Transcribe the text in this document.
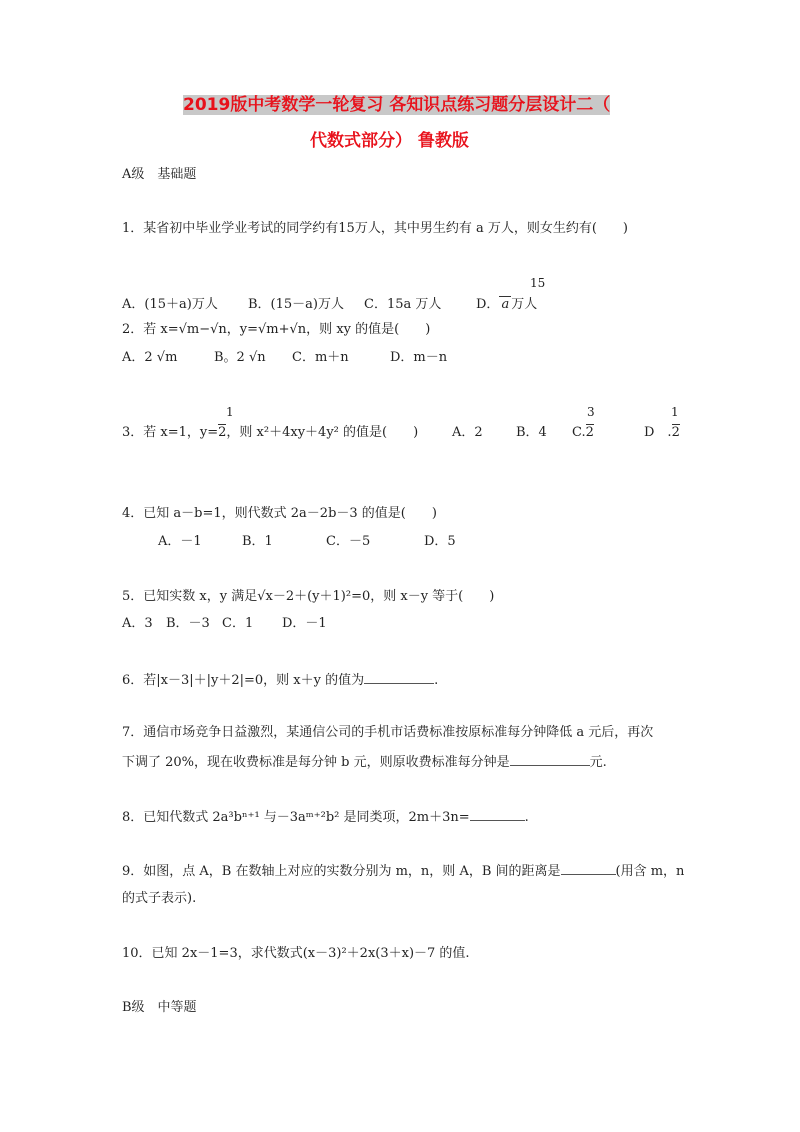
2019版中考数学一轮复习 各知识点练习题分层设计二（
代数式部分） 鲁教版
A级　基础题
1．某省初中毕业学业考试的同学约有15万人，其中男生约有 a 万人，则女生约有(　　)
15
A．(15＋a)万人 B．(15－a)万人 C．15a 万人	D． a 万人
2．若 x=√m−√n，y=√m+√n，则 xy 的值是(　　)
A．2 √m	B。2 √n C．m＋n	D．m－n
1	3	1
3．若 x=1，y=2，则 x²＋4xy＋4y² 的值是(　　)	A．2	B．4 C.2	D　.2
4．已知 a－b=1，则代数式 2a－2b－3 的值是(　　)
A．－1	B．1	C．－5	D．5
5．已知实数 x，y 满足√x－2＋(y＋1)²=0，则 x－y 等于(　　)
A．3 B．－3 C．1 D．－1
6．若|x－3|＋|y＋2|=0，则 x＋y 的值为	.
7．通信市场竞争日益激烈，某通信公司的手机市话费标准按原标准每分钟降低 a 元后，再次
下调了 20%，现在收费标准是每分钟 b 元，则原收费标准每分钟是	元.
8．已知代数式 2a³bⁿ⁺¹ 与－3aᵐ⁺²b² 是同类项，2m＋3n=	.
9．如图，点 A，B 在数轴上对应的实数分别为 m，n，则 A，B 间的距离是	(用含 m，n
的式子表示).
10．已知 2x－1=3，求代数式(x－3)²＋2x(3＋x)－7 的值.
B级　中等题
